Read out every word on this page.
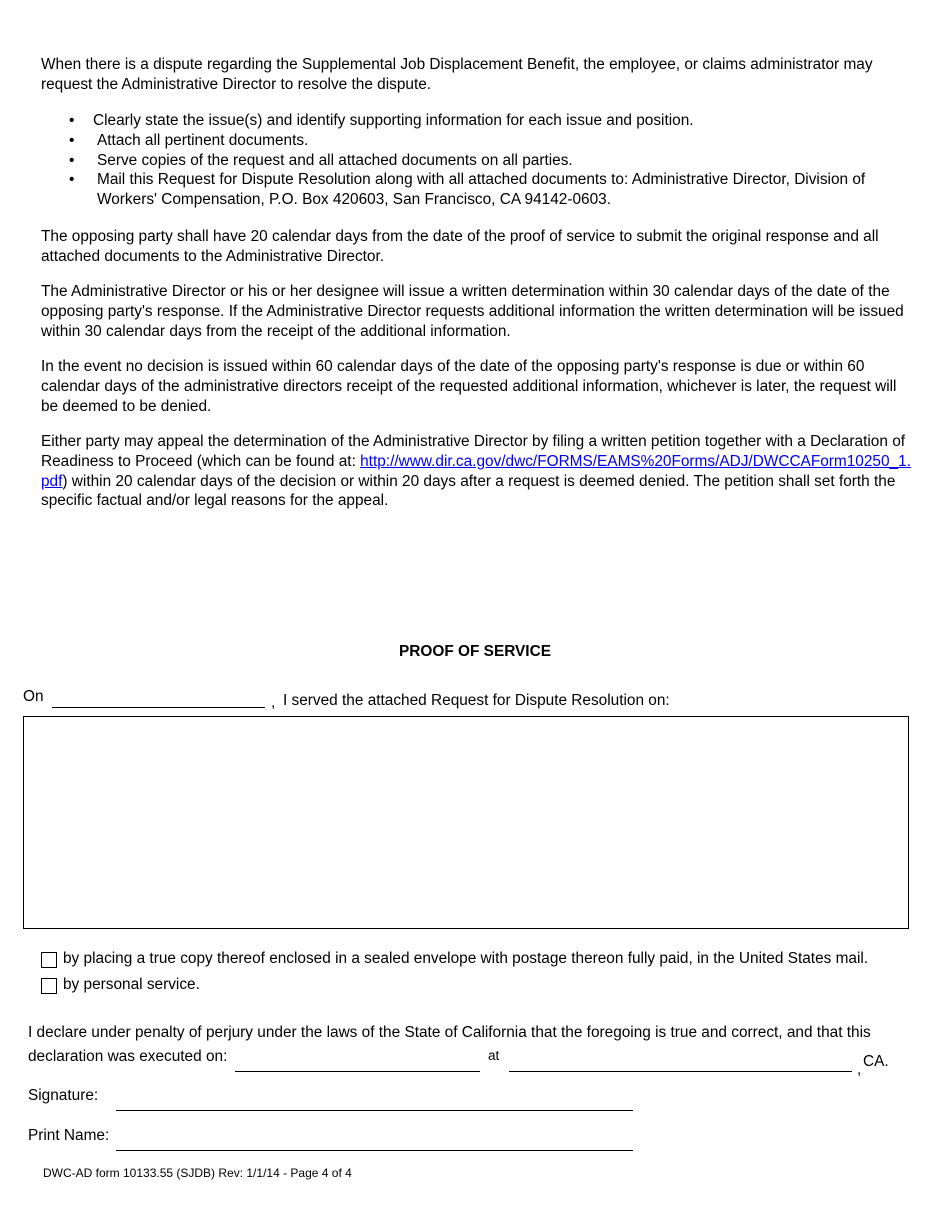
When there is a dispute regarding the Supplemental Job Displacement Benefit, the employee, or claims administrator may request the Administrative Director to resolve the dispute.

• Clearly state the issue(s) and identify supporting information for each issue and position.
• Attach all pertinent documents.
• Serve copies of the request and all attached documents on all parties.
• Mail this Request for Dispute Resolution along with all attached documents to: Administrative Director, Division of Workers' Compensation, P.O. Box 420603, San Francisco, CA 94142-0603.

The opposing party shall have 20 calendar days from the date of the proof of service to submit the original response and all attached documents to the Administrative Director.

The Administrative Director or his or her designee will issue a written determination within 30 calendar days of the date of the opposing party's response. If the Administrative Director requests additional information the written determination will be issued within 30 calendar days from the receipt of the additional information.

In the event no decision is issued within 60 calendar days of the date of the opposing party's response is due or within 60 calendar days of the administrative directors receipt of the requested additional information, whichever is later, the request will be deemed to be denied.

Either party may appeal the determination of the Administrative Director by filing a written petition together with a Declaration of Readiness to Proceed (which can be found at: http://www.dir.ca.gov/dwc/FORMS/EAMS%20Forms/ADJ/DWCCAForm10250_1.pdf) within 20 calendar days of the decision or within 20 days after a request is deemed denied. The petition shall set forth the specific factual and/or legal reasons for the appeal.

PROOF OF SERVICE
On	, I served the attached Request for Dispute Resolution on:
by placing a true copy thereof enclosed in a sealed envelope with postage thereon fully paid, in the United States mail.
by personal service.
I declare under penalty of perjury under the laws of the State of California that the foregoing is true and correct, and that this
declaration was executed on:	at
, CA.
Signature:
Print Name:
DWC-AD form 10133.55 (SJDB) Rev: 1/1/14 - Page 4 of 4
